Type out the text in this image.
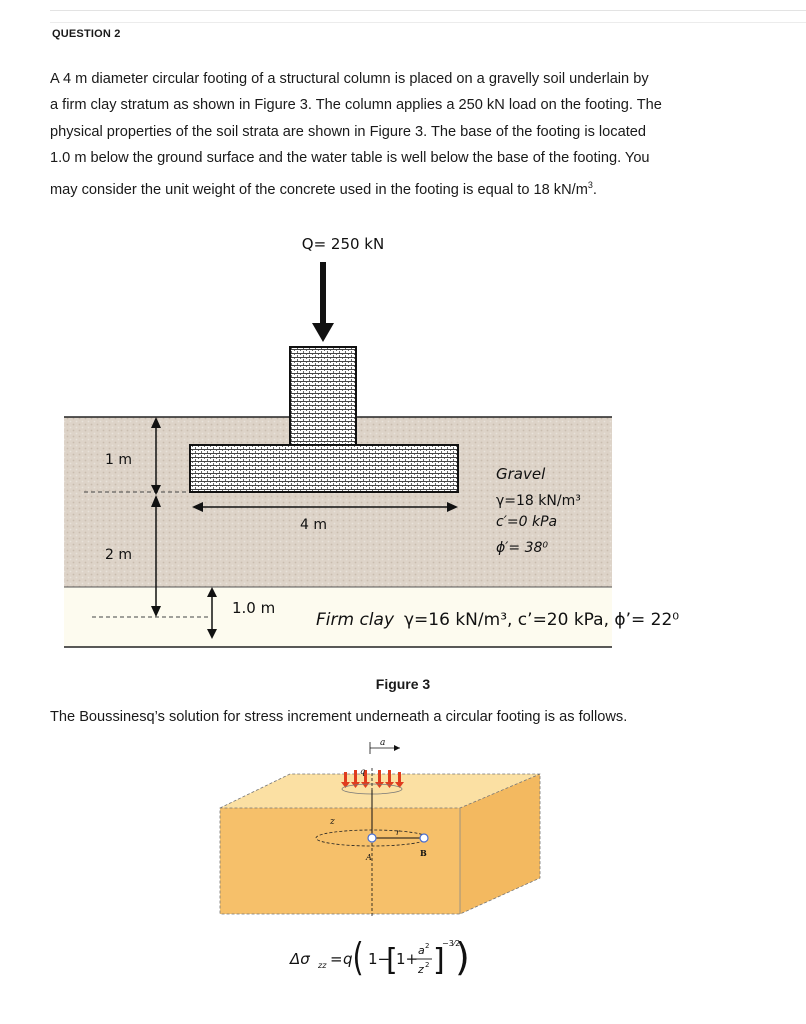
QUESTION 2
A 4 m diameter circular footing of a structural column is placed on a gravelly soil underlain by
a firm clay stratum as shown in Figure 3. The column applies a 250 kN load on the footing. The
physical properties of the soil strata are shown in Figure 3. The base of the footing is located
1.0 m below the ground surface and the water table is well below the base of the footing. You
may consider the unit weight of the concrete used in the footing is equal to 18 $kN/m^3$.
Q= 250 kN
1 m
2 m
4 m
1.0 m
Gravel
γ=18 kN/m³
c′=0 kPa
ϕ′= 38⁰
Firm clay γ=16 kN/m³, c’=20 kPa, ϕ’= 22⁰
Figure 3
The Boussinesq’s solution for stress increment underneath a circular footing is as follows.
a
q
z
r
A	B
Δσ zz = q ( 1−
[
1+ a 2
z 2 ]
−3⁄2
)
